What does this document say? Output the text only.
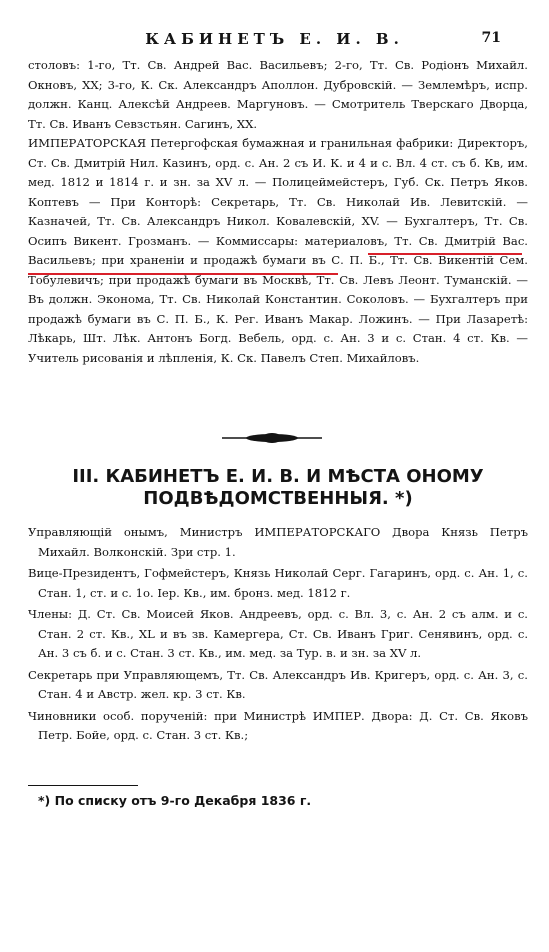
КАБИНЕТЪ Е. И. В.	71

столовъ: 1-го, Тт. Св. Андрей Вас. Васильевъ; 2-го, Тт. Св. Родіонъ Михайл. Окновъ, XX; 3-го, К. Ск. Александръ Аполлон. Дубровскій. — Землемѣръ, испр. должн. Канц. Алексѣй Андреев. Маргуновъ. — Смотритель Тверскаго Дворца, Тт. Св. Иванъ Севзстьян. Сагинъ, XX.

ИМПЕРАТОРСКАЯ Петергофская бумажная и гранильная фабрики: Директоръ, Ст. Св. Дмитрій Нил. Казинъ, орд. с. Ан. 2 съ И. К. и 4 и с. Вл. 4 ст. съ б. Кв, им. мед. 1812 и 1814 г. и зн. за XV л. — Полицеймейстеръ, Губ. Ск. Петръ Яков. Коптевъ — При Конторѣ: Секретарь, Тт. Св. Николай Ив. Левитскій. — Казначей, Тт. Св. Александръ Никол. Ковалевскій, XV. — Бухгалтеръ, Тт. Св. Осипъ Викент. Грозманъ. — Коммиссары: материаловъ, Тт. Св. Дмитрій Вас. Васильевъ; при храненіи и продажѣ бумаги въ С. П. Б., Тт. Св. Викентій Сем. Тобулевичъ; при продажѣ бумаги въ Москвѣ, Тт. Св. Левъ Леонт. Туманскій. — Въ должн. Эконома, Тт. Св. Николай Константин. Соколовъ. — Бухгалтеръ при продажѣ бумаги въ С. П. Б., К. Рег. Иванъ Макар. Ложинъ. — При Лазаретѣ: Лѣкарь, Шт. Лѣк. Антонъ Богд. Вебель, орд. с. Ан. 3 и с. Стан. 4 ст. Кв. — Учитель рисованія и лѣпленія, К. Ск. Павелъ Степ. Михайловъ.

III. КАБИНЕТЪ Е. И. В. И МѢСТА ОНОМУ
ПОДВѢДОМСТВЕННЫЯ. *)

Управляющій онымъ, Министръ ИМПЕРАТОРСКАГО Двора Князь Петръ Михайл. Волконскій. Зри стр. 1.

Вице-Президентъ, Гофмейстеръ, Князь Николай Серг. Гагаринъ, орд. с. Ан. 1, с. Стан. 1, ст. и с. 1о. Іер. Кв., им. бронз. мед. 1812 г.

Члены: Д. Ст. Св. Моисей Яков. Андреевъ, орд. с. Вл. 3, с. Ан. 2 съ алм. и с. Стан. 2 ст. Кв., XL и въ зв. Камергера, Ст. Св. Иванъ Григ. Сенявинъ, орд. с. Ан. 3 съ б. и с. Стан. 3 ст. Кв., им. мед. за Тур. в. и зн. за XV л.

Секретарь при Управляющемъ, Тт. Св. Александръ Ив. Кригеръ, орд. с. Ан. 3, с. Стан. 4 и Австр. жел. кр. 3 ст. Кв.

Чиновники особ. порученій: при Министрѣ ИМПЕР. Двора: Д. Ст. Св. Яковъ Петр. Бойе, орд. с. Стан. 3 ст. Кв.;

*) По списку отъ 9-го Декабря 1836 г.
